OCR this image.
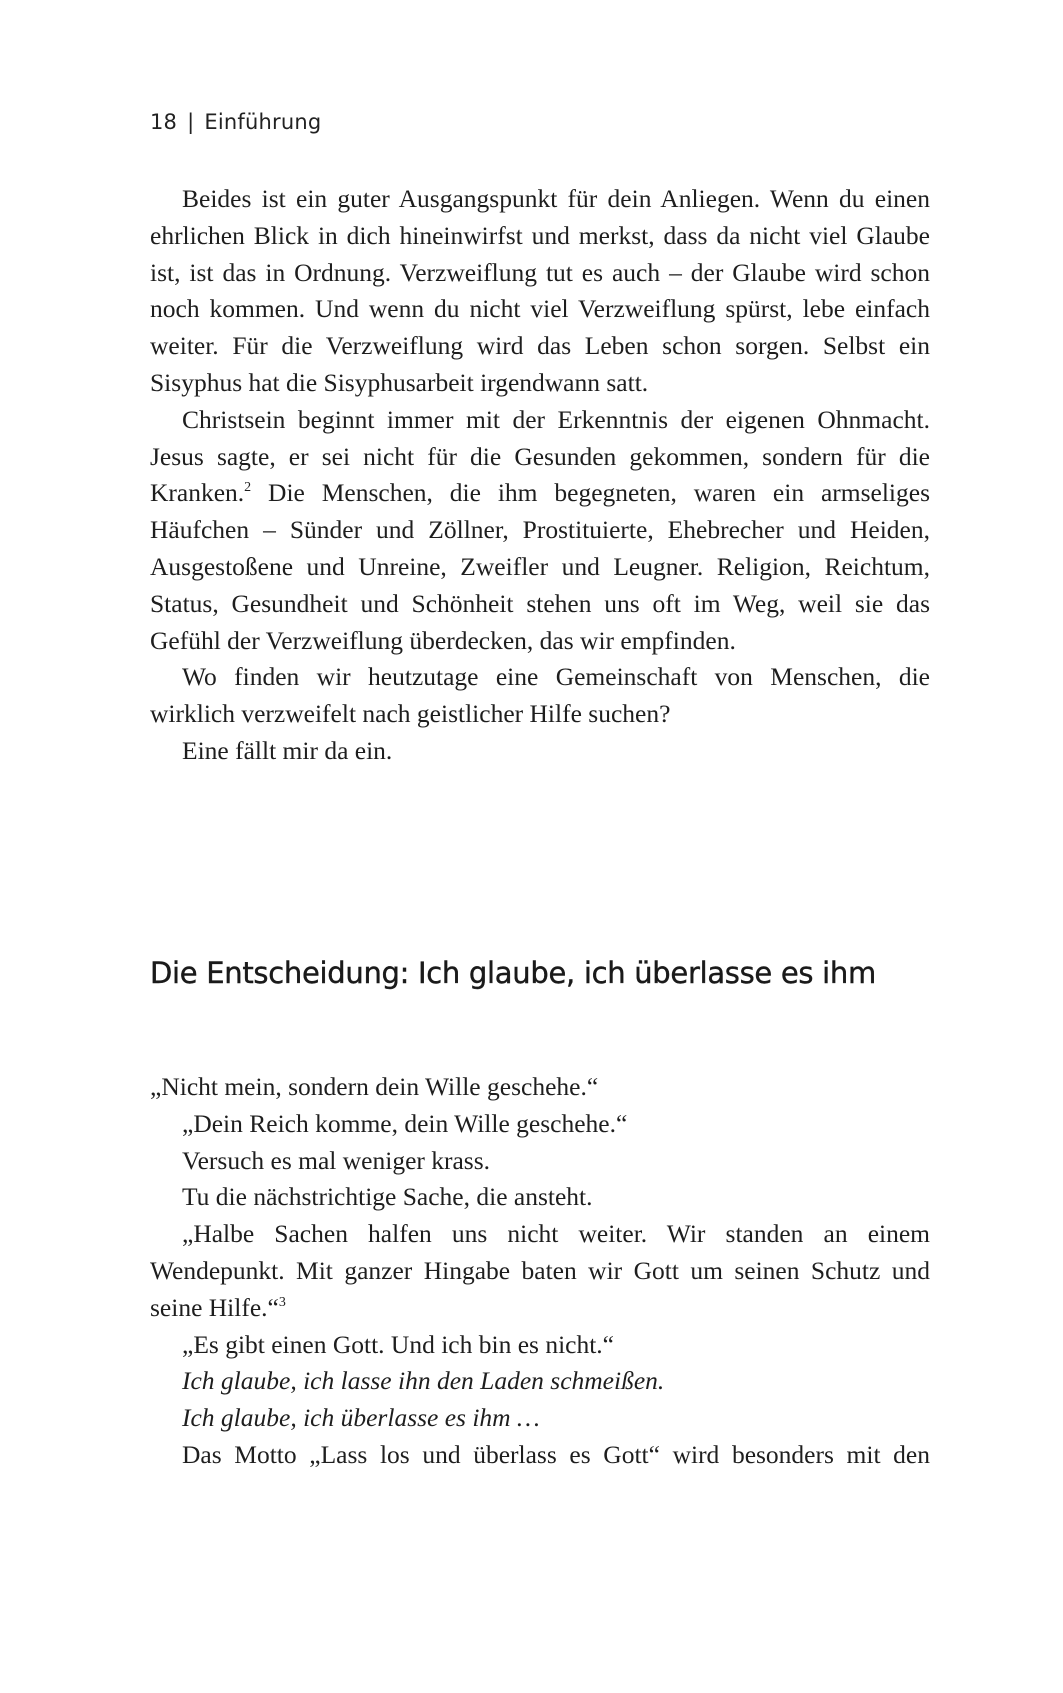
18 | Einführung

Beides ist ein guter Ausgangspunkt für dein Anliegen. Wenn du einen ehrlichen Blick in dich hineinwirfst und merkst, dass da nicht viel Glaube ist, ist das in Ordnung. Verzweiflung tut es auch – der Glaube wird schon noch kommen. Und wenn du nicht viel Verzweiflung spürst, lebe einfach weiter. Für die Verzweiflung wird das Leben schon sorgen. Selbst ein Sisyphus hat die Sisyphusarbeit irgendwann satt.

Christsein beginnt immer mit der Erkenntnis der eigenen Ohnmacht. Jesus sagte, er sei nicht für die Gesunden gekommen, sondern für die Kranken.$^2$ Die Menschen, die ihm begegneten, waren ein armseliges Häufchen – Sünder und Zöllner, Prostituierte, Ehebrecher und Heiden, Ausgestoßene und Unreine, Zweifler und Leugner. Religion, Reichtum, Status, Gesundheit und Schönheit stehen uns oft im Weg, weil sie das Gefühl der Verzweiflung überdecken, das wir empfinden.

Wo finden wir heutzutage eine Gemeinschaft von Menschen, die wirklich verzweifelt nach geistlicher Hilfe suchen?

Eine fällt mir da ein.

Die Entscheidung: Ich glaube, ich überlasse es ihm

„Nicht mein, sondern dein Wille geschehe.“

„Dein Reich komme, dein Wille geschehe.“

Versuch es mal weniger krass.

Tu die nächstrichtige Sache, die ansteht.

„Halbe Sachen halfen uns nicht weiter. Wir standen an einem Wendepunkt. Mit ganzer Hingabe baten wir Gott um seinen Schutz und seine Hilfe.“$^3$

„Es gibt einen Gott. Und ich bin es nicht.“

Ich glaube, ich lasse ihn den Laden schmeißen.

Ich glaube, ich überlasse es ihm …

Das Motto „Lass los und überlass es Gott“ wird besonders mit den
